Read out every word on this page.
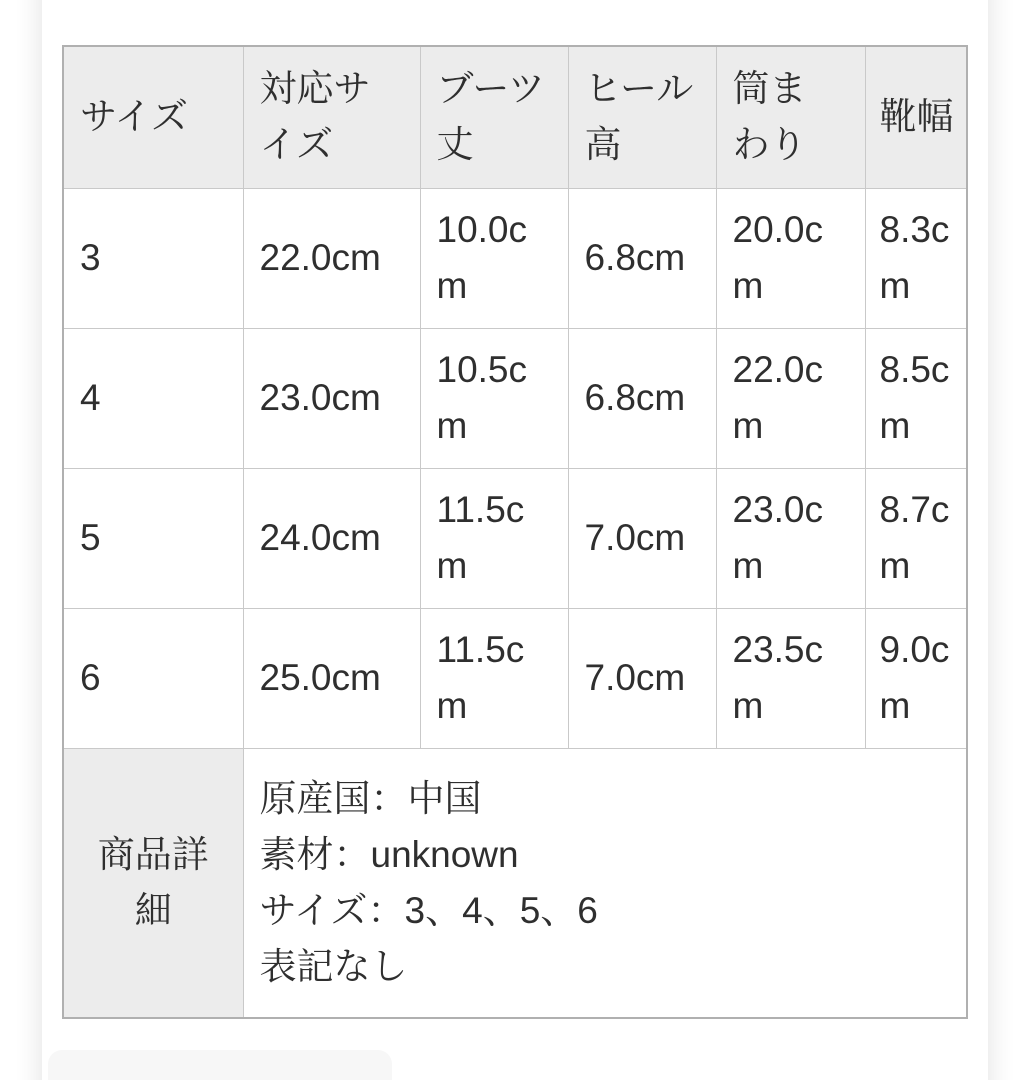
サイズ	対応サイズ	ブーツ丈	ヒール高	筒まわり	靴幅
3	22.0cm	10.0cm	6.8cm	20.0cm	8.3cm
4	23.0cm	10.5cm	6.8cm	22.0cm	8.5cm
5	24.0cm	11.5cm	7.0cm	23.0cm	8.7cm
6	25.0cm	11.5cm	7.0cm	23.5cm	9.0cm
商品詳細	原産国：中国
素材：unknown
サイズ：3、4、5、6
表記なし				
